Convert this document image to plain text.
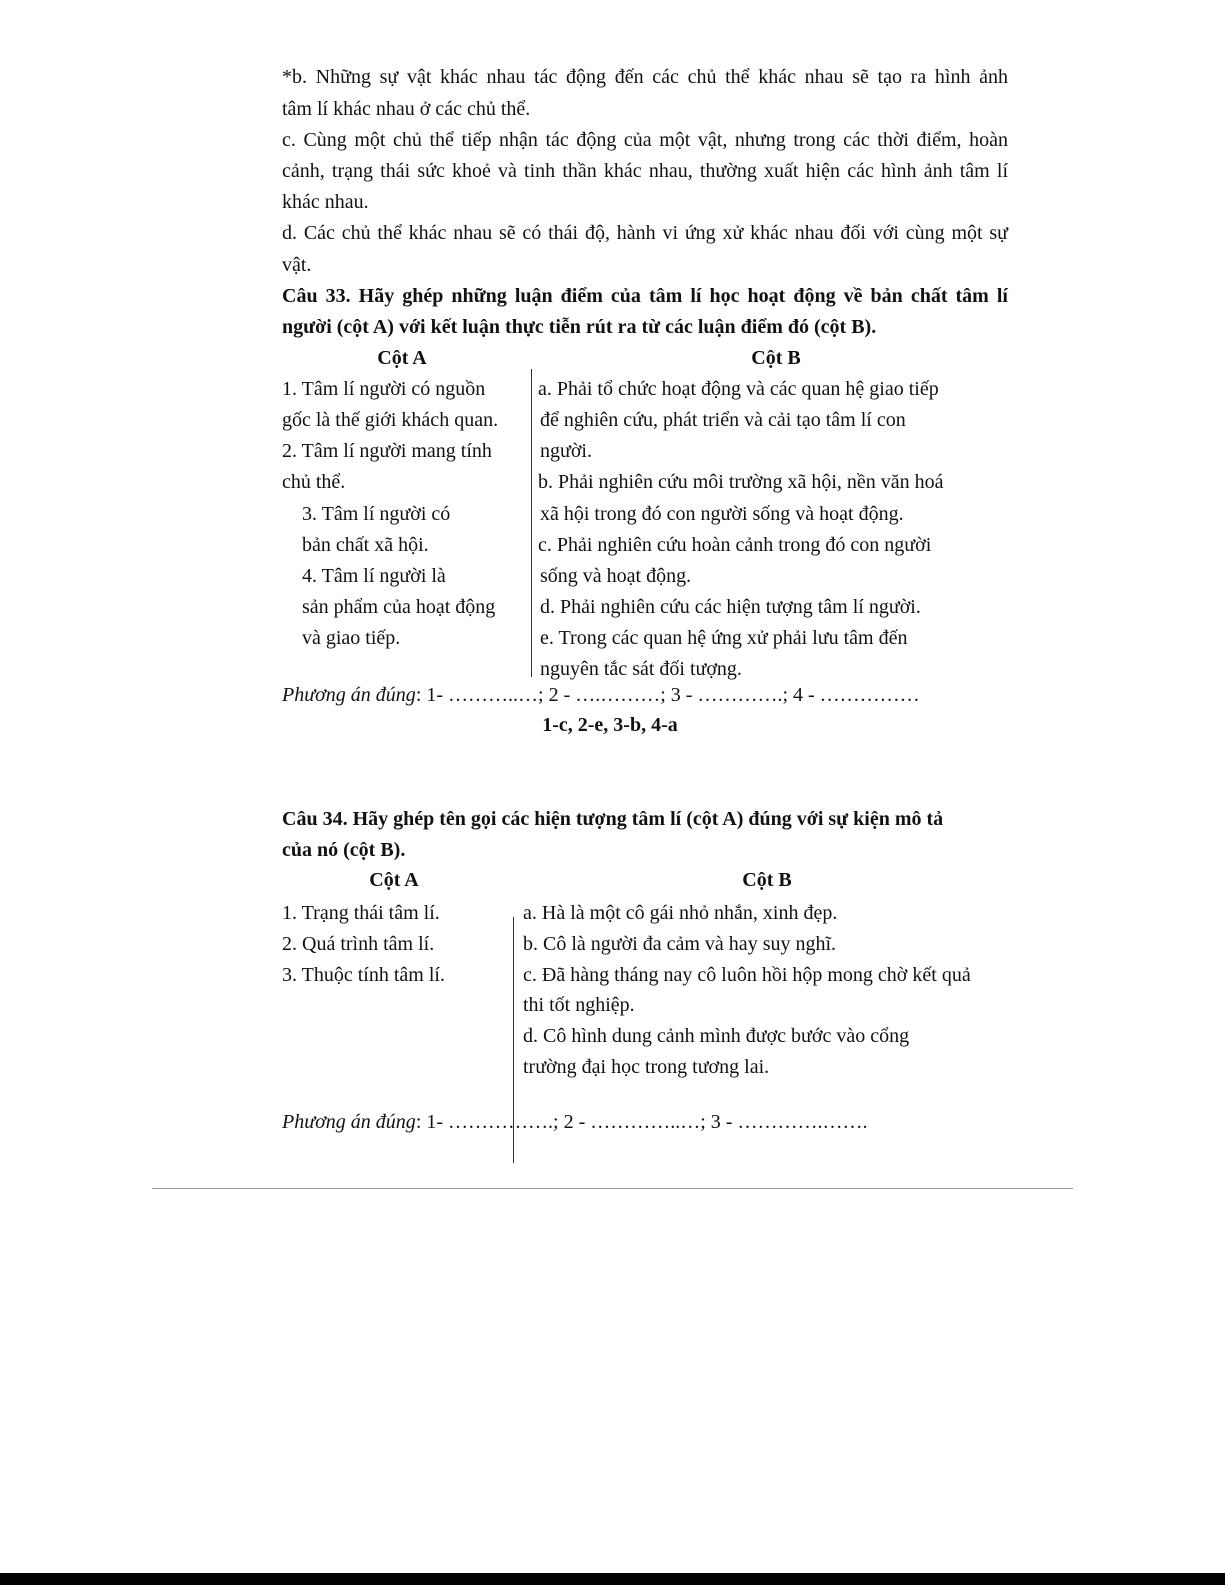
*b. Những sự vật khác nhau tác động đến các chủ thể khác nhau sẽ tạo ra hình ảnh
tâm lí khác nhau ở các chủ thể.
c. Cùng một chủ thể tiếp nhận tác động của một vật, nhưng trong các thời điểm, hoàn
cảnh, trạng thái sức khoẻ và tinh thần khác nhau, thường xuất hiện các hình ảnh tâm lí
khác nhau.
d. Các chủ thể khác nhau sẽ có thái độ, hành vi ứng xử khác nhau đối với cùng một sự
vật.
Câu 33. Hãy ghép những luận điểm của tâm lí học hoạt động về bản chất tâm lí
người (cột A) với kết luận thực tiễn rút ra từ các luận điểm đó (cột B).
Cột A	Cột B
1. Tâm lí người có nguồn
gốc là thế giới khách quan.
2. Tâm lí người mang tính
chủ thể.
3. Tâm lí người có
bản chất xã hội.
4. Tâm lí người là
sản phẩm của hoạt động
và giao tiếp.
a. Phải tổ chức hoạt động và các quan hệ giao tiếp
để nghiên cứu, phát triển và cải tạo tâm lí con
người.
b. Phải nghiên cứu môi trường xã hội, nền văn hoá
xã hội trong đó con người sống và hoạt động.
c. Phải nghiên cứu hoàn cảnh trong đó con người
sống và hoạt động.
d. Phải nghiên cứu các hiện tượng tâm lí người.
e. Trong các quan hệ ứng xử phải lưu tâm đến
nguyên tắc sát đối tượng.
Phương án đúng: 1- ………..…; 2 - ….………; 3 - ………….; 4 - ……………
1-c, 2-e, 3-b, 4-a
Câu 34. Hãy ghép tên gọi các hiện tượng tâm lí (cột A) đúng với sự kiện mô tả
của nó (cột B).
Cột A	Cột B
1. Trạng thái tâm lí.
2. Quá trình tâm lí.
3. Thuộc tính tâm lí.
a. Hà là một cô gái nhỏ nhắn, xinh đẹp.
b. Cô là người đa cảm và hay suy nghĩ.
c. Đã hàng tháng nay cô luôn hồi hộp mong chờ kết quả
thi tốt nghiệp.
d. Cô hình dung cảnh mình được bước vào cổng
trường đại học trong tương lai.
Phương án đúng: 1- …………….; 2 - …………..…; 3 - ………….…….
